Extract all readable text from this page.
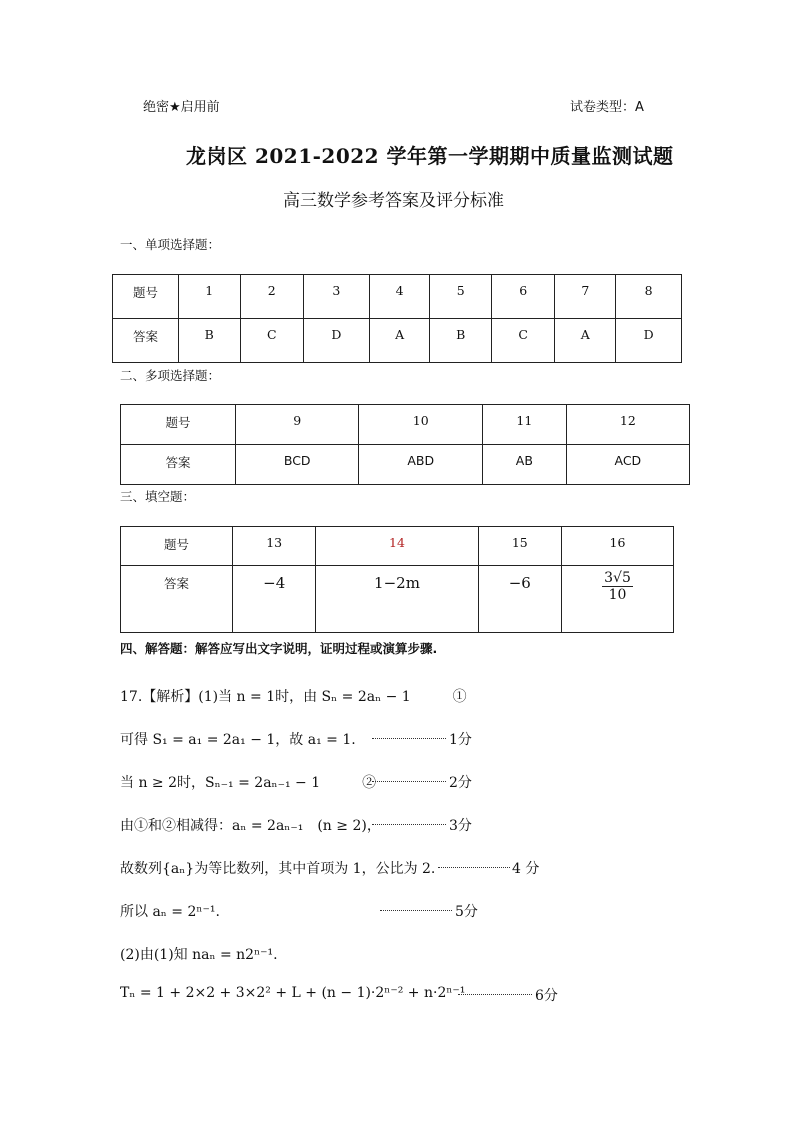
绝密★启用前	试卷类型：A
龙岗区 2021-2022 学年第一学期期中质量监测试题
高三数学参考答案及评分标准
一、单项选择题：
题号	1	2	3	4	5	6	7	8
答案	B	C	D	A	B	C	A	D
二、多项选择题：
题号	9	10	11	12
答案	BCD	ABD	AB	ACD
三、填空题：
题号	13	14	15	16
答案	−4	1−2m	−6	$\frac{3√5}{10}$
四、解答题：解答应写出文字说明，证明过程或演算步骤.
17.【解析】(1)当 n = 1时，由 Sₙ = 2aₙ − 1　　　①
可得 S₁ = a₁ = 2a₁ − 1，故 a₁ = 1.	1分
当 n ≥ 2时，Sₙ₋₁ = 2aₙ₋₁ − 1　　　②	2分
由①和②相减得：aₙ = 2aₙ₋₁　(n ≥ 2)，	3分
故数列{aₙ}为等比数列，其中首项为 1，公比为 2.	4 分
所以 aₙ = 2ⁿ⁻¹.	5分
(2)由(1)知 naₙ = n2ⁿ⁻¹.
Tₙ = 1 + 2×2 + 3×2² + L + (n − 1)·2ⁿ⁻² + n·2ⁿ⁻¹	6分
